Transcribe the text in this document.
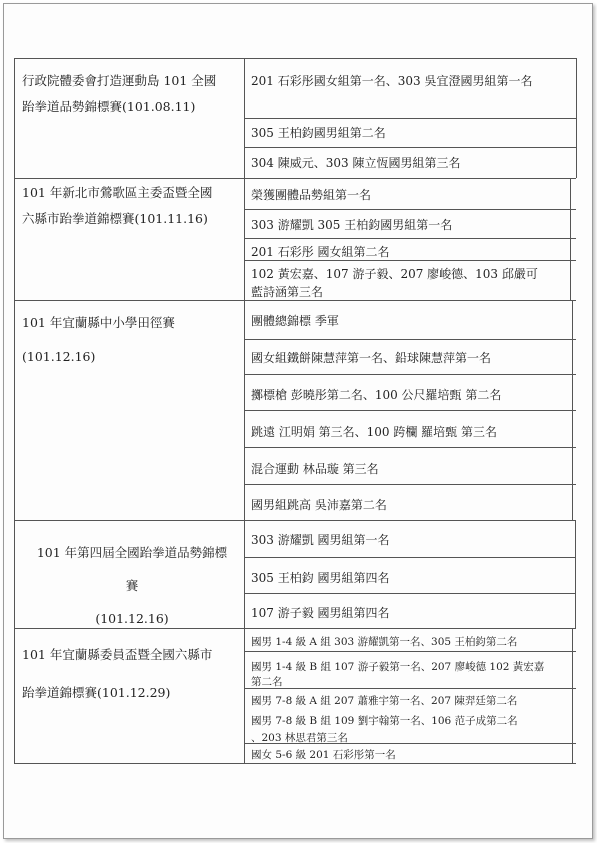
行政院體委會打造運動島 101 全國
跆拳道品勢錦標賽(101.08.11)
201 石彩彤國女組第一名、303 吳宜澄國男組第一名
305 王柏鈞國男組第二名
304 陳威元、303 陳立恆國男組第三名
101 年新北市鶯歌區主委盃暨全國
六縣市跆拳道錦標賽(101.11.16)
榮獲團體品勢組第一名
303 游耀凱 305 王柏鈞國男組第一名
201 石彩彤 國女組第二名
102 黃宏嘉、107 游子毅、207 廖峻德、103 邱嚴可
藍詩涵第三名
101 年宜蘭縣中小學田徑賽
(101.12.16)
團體總錦標 季軍
國女組鐵餅陳慧萍第一名、鉛球陳慧萍第一名
擲標槍 彭曉彤第二名、100 公尺羅培甄 第二名
跳遠 江明娟 第三名、100 跨欄 羅培甄 第三名
混合運動 林品璇 第三名
國男組跳高 吳沛嘉第二名
101 年第四屆全國跆拳道品勢錦標
賽
(101.12.16)
303 游耀凱 國男組第一名
305 王柏鈞 國男組第四名
107 游子毅 國男組第四名
101 年宜蘭縣委員盃暨全國六縣市
跆拳道錦標賽(101.12.29)
國男 1-4 級 A 組 303 游耀凱第一名、305 王柏鈞第二名
國男 1-4 級 B 組 107 游子毅第一名、207 廖峻德 102 黃宏嘉
第二名
國男 7-8 級 A 組 207 蕭雅宇第一名、207 陳羿廷第二名
國男 7-8 級 B 組 109 劉宇翰第一名、106 范子成第二名
、203 林思君第三名
國女 5-6 級 201 石彩彤第一名
